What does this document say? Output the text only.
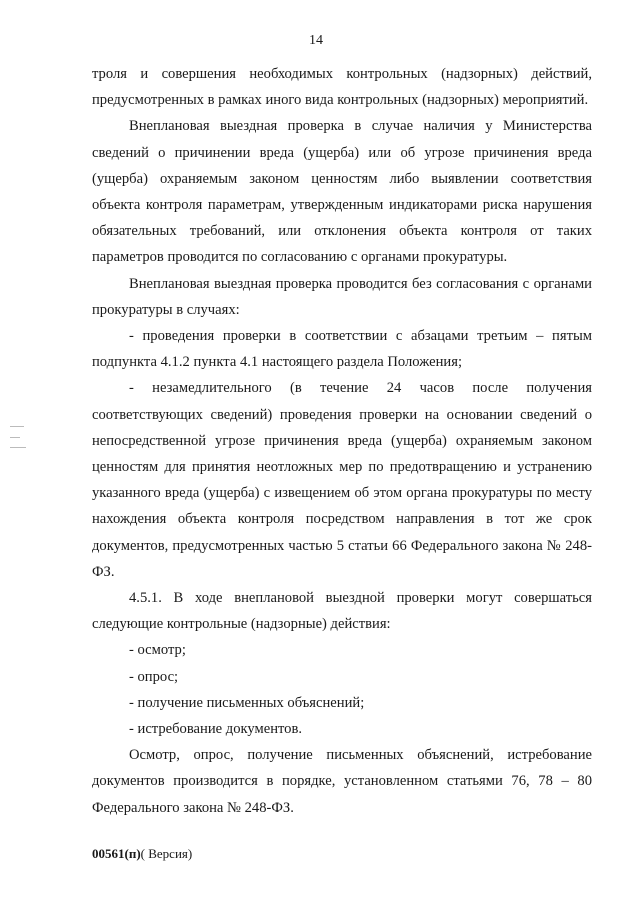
14

троля и совершения необходимых контрольных (надзорных) действий, предусмотренных в рамках иного вида контрольных (надзорных) мероприятий.

Внеплановая выездная проверка в случае наличия у Министерства сведений о причинении вреда (ущерба) или об угрозе причинения вреда (ущерба) охраняемым законом ценностям либо выявлении соответствия объекта контроля параметрам, утвержденным индикаторами риска нарушения обязательных требований, или отклонения объекта контроля от таких параметров проводится по согласованию с органами прокуратуры.

Внеплановая выездная проверка проводится без согласования с органами прокуратуры в случаях:

- проведения проверки в соответствии с абзацами третьим – пятым подпункта 4.1.2 пункта 4.1 настоящего раздела Положения;

- незамедлительного (в течение 24 часов после получения соответствующих сведений) проведения проверки на основании сведений о непосредственной угрозе причинения вреда (ущерба) охраняемым законом ценностям для принятия неотложных мер по предотвращению и устранению указанного вреда (ущерба) с извещением об этом органа прокуратуры по месту нахождения объекта контроля посредством направления в тот же срок документов, предусмотренных частью 5 статьи 66 Федерального закона № 248-ФЗ.

4.5.1. В ходе внеплановой выездной проверки могут совершаться следующие контрольные (надзорные) действия:

- осмотр;

- опрос;

- получение письменных объяснений;

- истребование документов.

Осмотр, опрос, получение письменных объяснений, истребование документов производится в порядке, установленном статьями 76, 78 – 80 Федерального закона № 248-ФЗ.

00561(п)( Версия)
